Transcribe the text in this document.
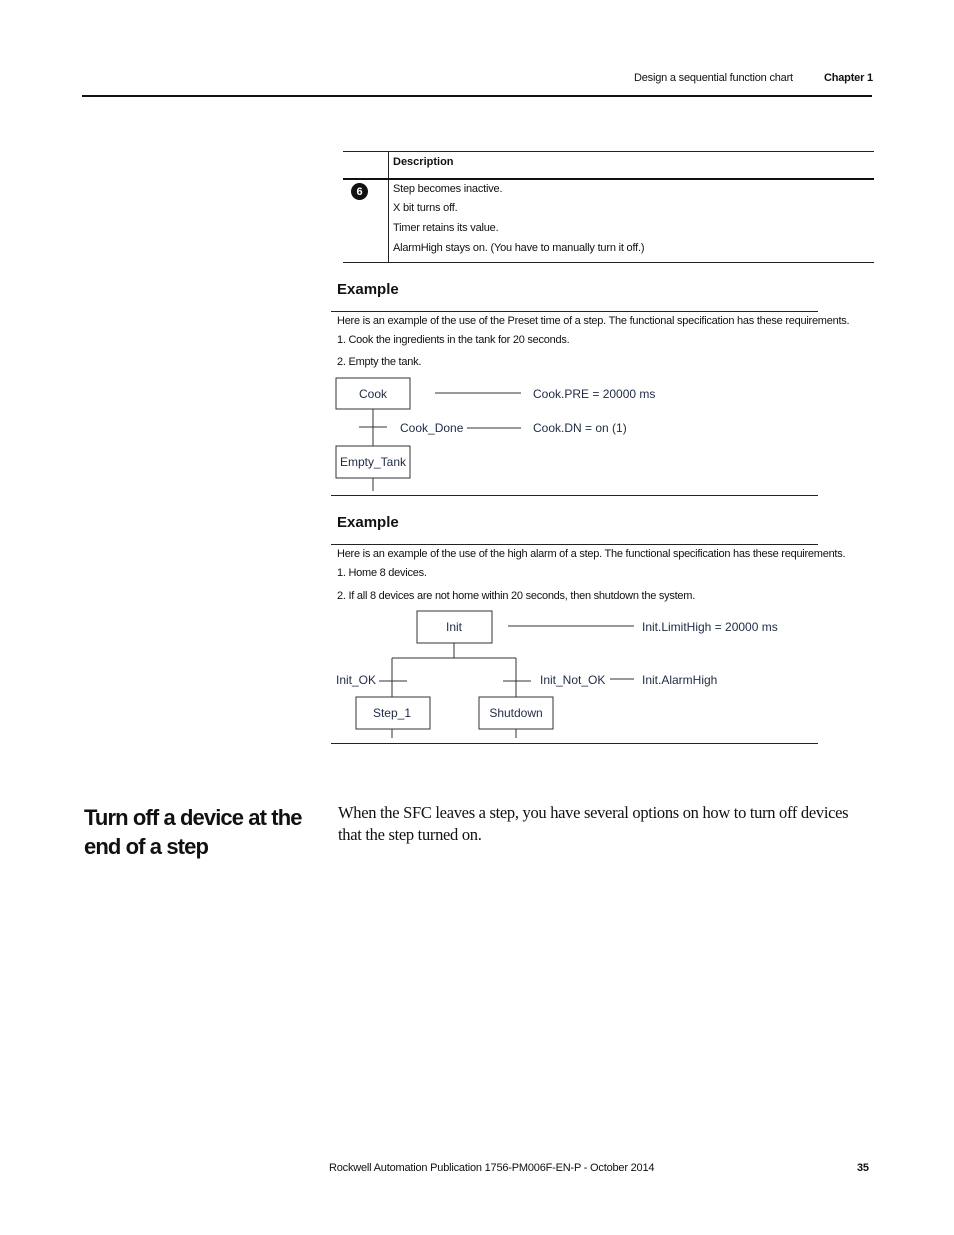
Design a sequential function chart	Chapter 1
Description
6	Step becomes inactive.
X bit turns off.
Timer retains its value.
AlarmHigh stays on. (You have to manually turn it off.)
Example
Here is an example of the use of the Preset time of a step. The functional specification has these requirements.
1. Cook the ingredients in the tank for 20 seconds.
2. Empty the tank.
Cook
Cook_Done
Empty_Tank
Cook.PRE = 20000 ms
Cook.DN = on (1)
Init	Init.LimitHigh = 20000 ms
Init_OK	Init_Not_OK	Init.AlarmHigh
Step_1	Shutdown
Example
Here is an example of the use of the high alarm of a step. The functional specification has these requirements.
1. Home 8 devices.
2. If all 8 devices are not home within 20 seconds, then shutdown the system.
Turn off a device at the end of a step
When the SFC leaves a step, you have several options on how to turn off devices that the step turned on.
Rockwell Automation Publication 1756-PM006F-EN-P - October 2014	35
